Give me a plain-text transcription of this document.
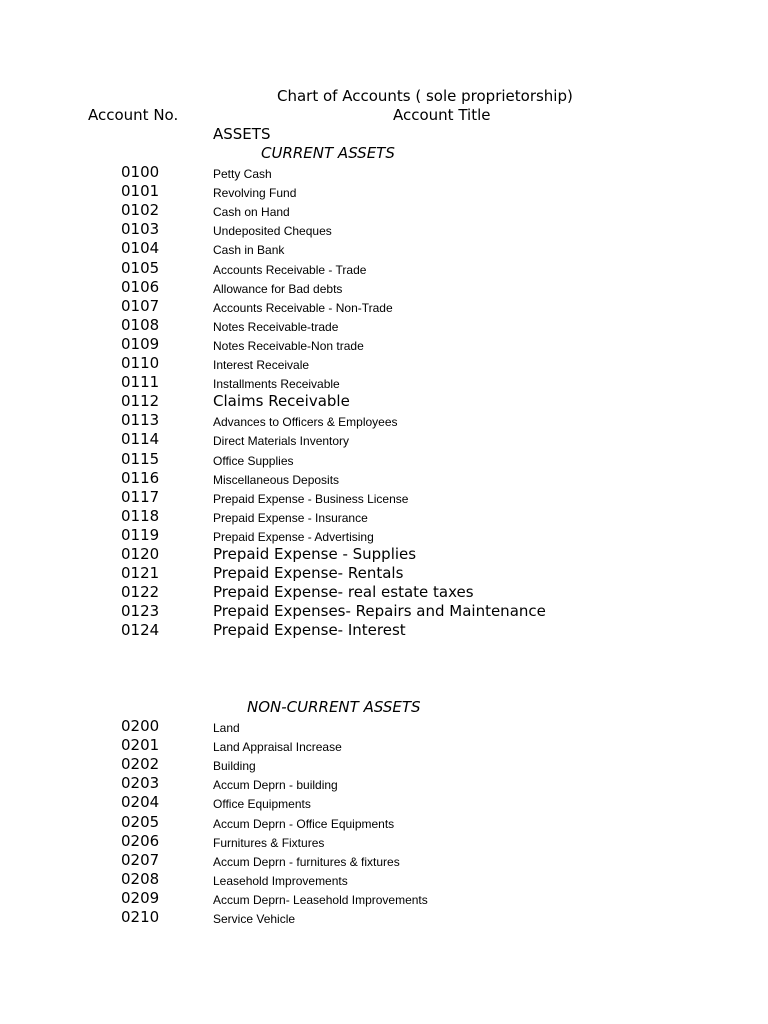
Chart of Accounts ( sole proprietorship)
Account No.	Account Title
ASSETS
CURRENT ASSETS
0100	Petty Cash
0101	Revolving Fund
0102	Cash on Hand
0103	Undeposited Cheques
0104	Cash in Bank
0105	Accounts Receivable - Trade
0106	Allowance for Bad debts
0107	Accounts Receivable - Non-Trade
0108	Notes Receivable-trade
0109	Notes Receivable-Non trade
0110	Interest Receivale
0111	Installments Receivable
0112	Claims Receivable
0113	Advances to Officers & Employees
0114	Direct Materials Inventory
0115	Office Supplies
0116	Miscellaneous Deposits
0117	Prepaid Expense - Business License
0118	Prepaid Expense - Insurance
0119	Prepaid Expense - Advertising
0120	Prepaid Expense - Supplies
0121	Prepaid Expense- Rentals
0122	Prepaid Expense- real estate taxes
0123	Prepaid Expenses- Repairs and Maintenance
0124	Prepaid Expense- Interest
NON-CURRENT ASSETS
0200	Land
0201	Land Appraisal Increase
0202	Building
0203	Accum Deprn - building
0204	Office Equipments
0205	Accum Deprn - Office Equipments
0206	Furnitures & Fixtures
0207	Accum Deprn - furnitures & fixtures
0208	Leasehold Improvements
0209	Accum Deprn- Leasehold Improvements
0210	Service Vehicle
